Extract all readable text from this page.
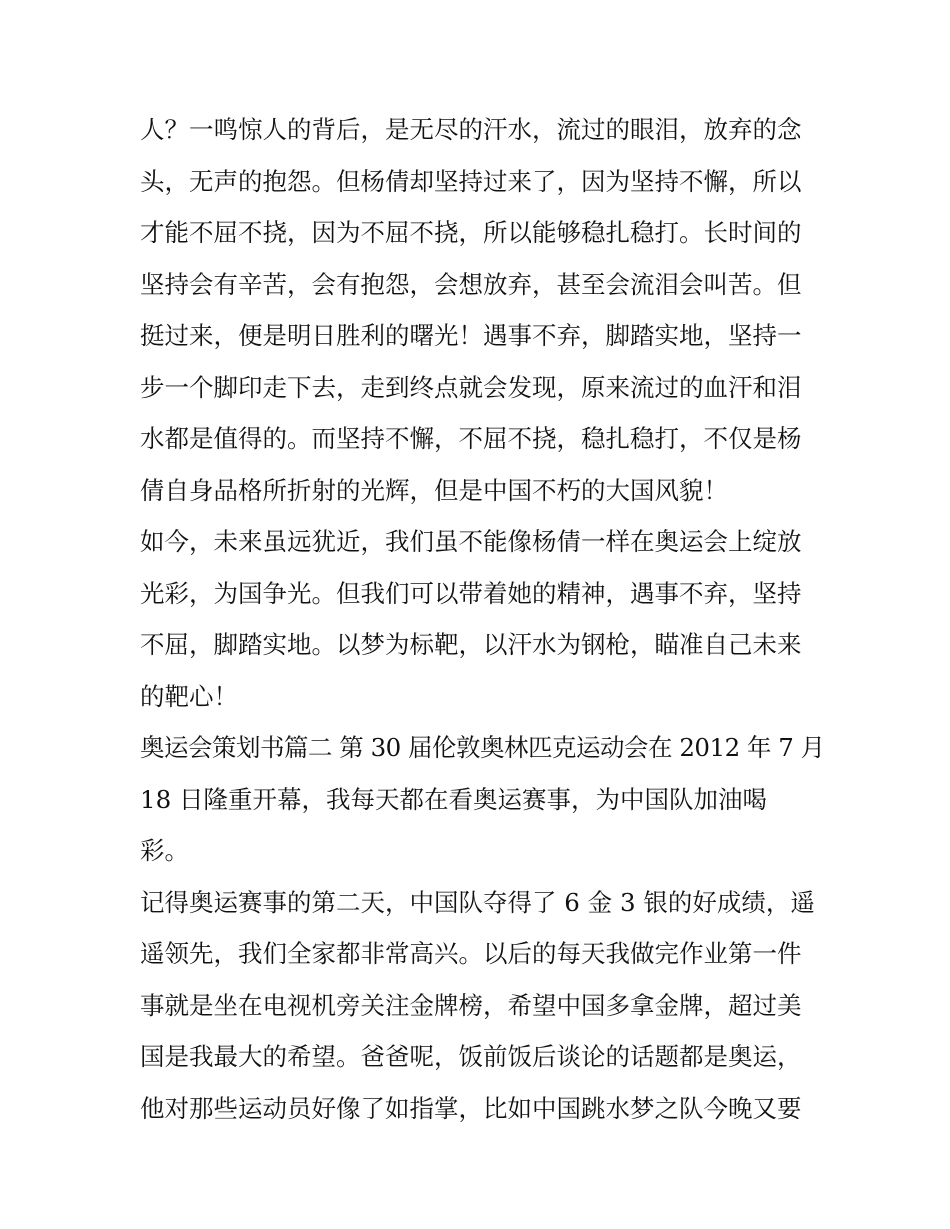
人？一鸣惊人的背后，是无尽的汗水，流过的眼泪，放弃的念
头，无声的抱怨。但杨倩却坚持过来了，因为坚持不懈，所以
才能不屈不挠，因为不屈不挠，所以能够稳扎稳打。长时间的
坚持会有辛苦，会有抱怨，会想放弃，甚至会流泪会叫苦。但
挺过来，便是明日胜利的曙光！遇事不弃，脚踏实地，坚持一
步一个脚印走下去，走到终点就会发现，原来流过的血汗和泪
水都是值得的。而坚持不懈，不屈不挠，稳扎稳打，不仅是杨
倩自身品格所折射的光辉，但是中国不朽的大国风貌！
如今，未来虽远犹近，我们虽不能像杨倩一样在奥运会上绽放
光彩，为国争光。但我们可以带着她的精神，遇事不弃，坚持
不屈，脚踏实地。以梦为标靶，以汗水为钢枪，瞄准自己未来
的靶心！
奥运会策划书篇二 第 30 届伦敦奥林匹克运动会在 2012 年 7 月
18 日隆重开幕，我每天都在看奥运赛事，为中国队加油喝
彩。
记得奥运赛事的第二天，中国队夺得了 6 金 3 银的好成绩，遥
遥领先，我们全家都非常高兴。以后的每天我做完作业第一件
事就是坐在电视机旁关注金牌榜，希望中国多拿金牌，超过美
国是我最大的希望。爸爸呢，饭前饭后谈论的话题都是奥运，
他对那些运动员好像了如指掌，比如中国跳水梦之队今晚又要
